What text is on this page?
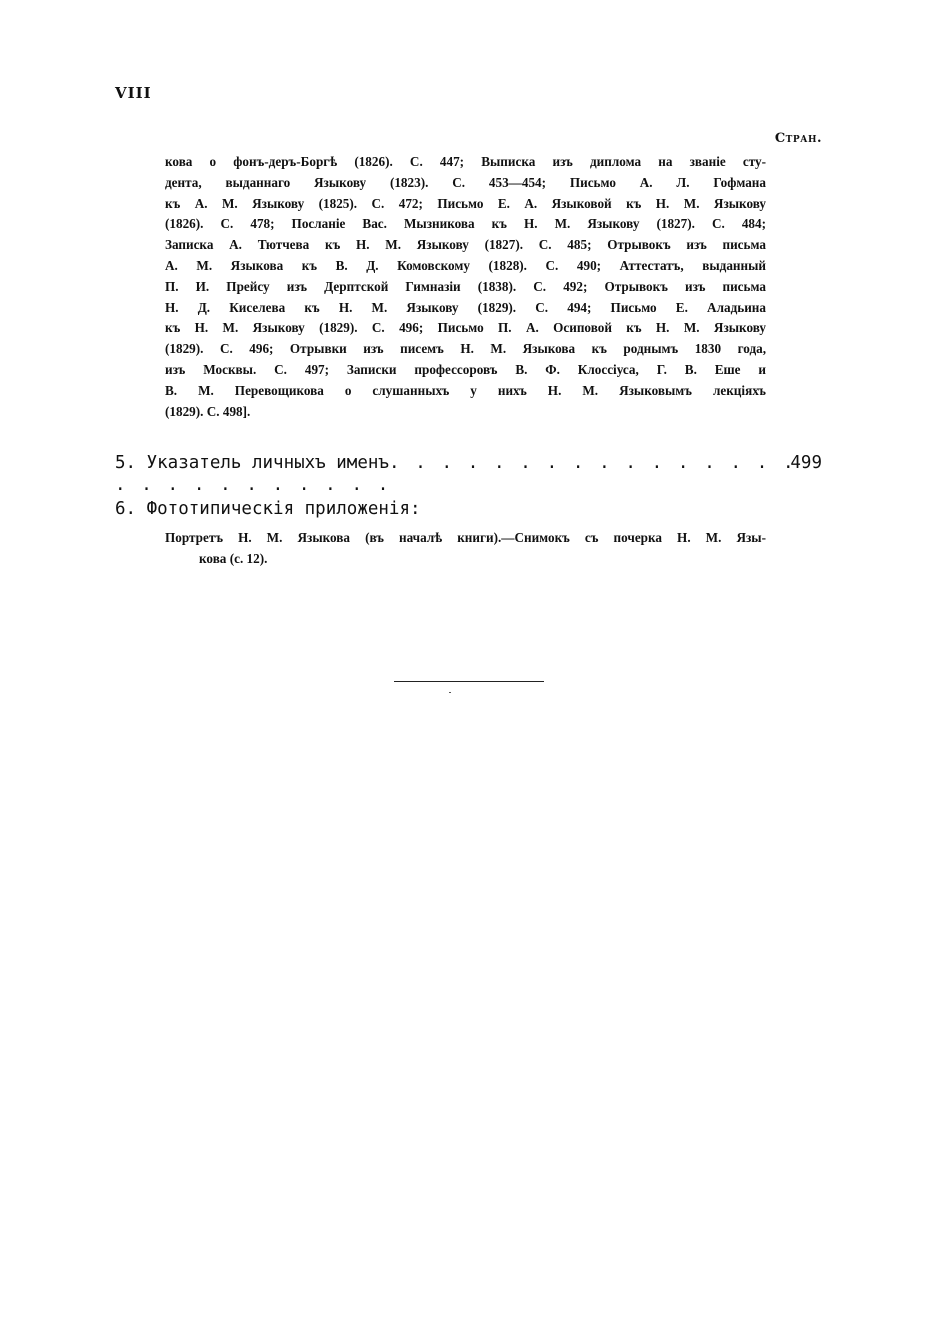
VIII
Стран.
кова о фонъ-деръ-Боргѣ (1826). С. 447; Выписка изъ диплома на званіе сту-
дента, выданнаго Языкову (1823). С. 453—454; Письмо А. Л. Гофмана
къ А. М. Языкову (1825). С. 472; Письмо Е. А. Языковой къ Н. М. Языкову
(1826). С. 478; Посланіе Вас. Мызникова къ Н. М. Языкову (1827). С. 484;
Записка А. Тютчева къ Н. М. Языкову (1827). С. 485; Отрывокъ изъ письма
А. М. Языкова къ В. Д. Комовскому (1828). С. 490; Аттестатъ, выданный
П. И. Прейсу изъ Дерптской Гимназіи (1838). С. 492; Отрывокъ изъ письма
Н. Д. Киселева къ Н. М. Языкову (1829). С. 494; Письмо Е. Аладьина
къ Н. М. Языкову (1829). С. 496; Письмо П. А. Осиповой къ Н. М. Языкову
(1829). С. 496; Отрывки изъ писемъ Н. М. Языкова къ роднымъ 1830 года,
изъ Москвы. С. 497; Записки профессоровъ В. Ф. Клоссіуса, Г. В. Еше и
В. М. Перевощикова о слушанныхъ у нихъ Н. М. Языковымъ лекціяхъ
(1829). С. 498].
5. Указатель личныхъ именъ. . . . . . . . . . . . . . . . . . . . . . . . . . .
499
6. Фототипическія приложенія:
Портретъ Н. М. Языкова (въ началѣ книги).—Снимокъ съ почерка Н. М. Язы-
кова (с. 12).
